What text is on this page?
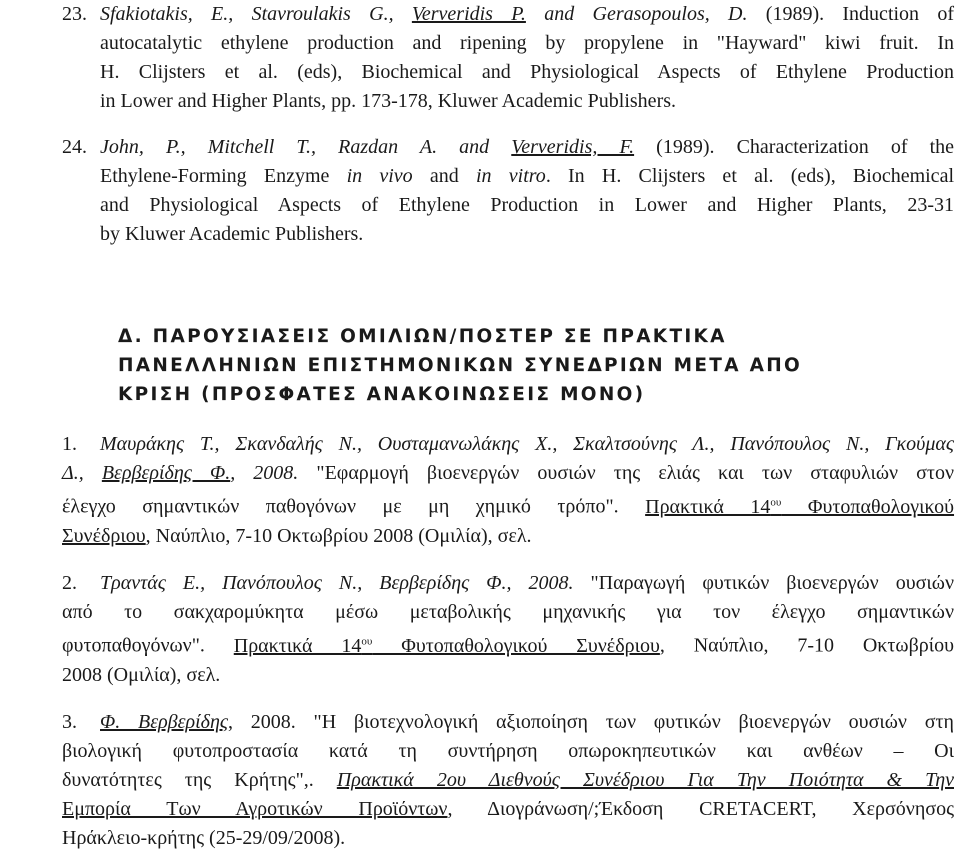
23. Sfakiotakis, E., Stavroulakis G., Ververidis P. and Gerasopoulos, D. (1989). Induction of
autocatalytic ethylene production and ripening by propylene in "Hayward" kiwi fruit. In
H. Clijsters et al. (eds), Biochemical and Physiological Aspects of Ethylene Production
in Lower and Higher Plants, pp. 173-178, Kluwer Academic Publishers.
24. John, P., Mitchell T., Razdan A. and Ververidis, F. (1989). Characterization of the
Ethylene-Forming Enzyme in vivo and in vitro. In H. Clijsters et al. (eds), Biochemical
and Physiological Aspects of Ethylene Production in Lower and Higher Plants, 23-31
by Kluwer Academic Publishers.
Δ. ΠΑΡΟΥΣΙΑΣΕΙΣ ΟΜΙΛΙΩΝ/ΠΟΣΤΕΡ ΣΕ ΠΡΑΚΤΙΚΑ
ΠΑΝΕΛΛΗΝΙΩΝ ΕΠΙΣΤΗΜΟΝΙΚΩΝ ΣΥΝΕΔΡΙΩΝ ΜΕΤΑ ΑΠΟ
ΚΡΙΣΗ (ΠΡΟΣΦΑΤΕΣ ΑΝΑΚΟΙΝΩΣΕΙΣ ΜΟΝΟ)
1. Μαυράκης Τ., Σκανδαλής Ν., Ουσταμανωλάκης Χ., Σκαλτσούνης Λ., Πανόπουλος Ν., Γκούμας
Δ., Βερβερίδης Φ., 2008. "Εφαρμογή βιοενεργών ουσιών της ελιάς και των σταφυλιών στον
έλεγχο σημαντικών παθογόνων με μη χημικό τρόπο". Πρακτικά $14^{o\upsilon}$ Φυτοπαθολογικού
Συνέδριου, Ναύπλιο, 7-10 Οκτωβρίου 2008 (Ομιλία), σελ.
2. Τραντάς Ε., Πανόπουλος Ν., Βερβερίδης Φ., 2008. "Παραγωγή φυτικών βιοενεργών ουσιών
από το σακχαρομύκητα μέσω μεταβολικής μηχανικής για τον έλεγχο σημαντικών
φυτοπαθογόνων". Πρακτικά $14^{o\upsilon}$ Φυτοπαθολογικού Συνέδριου, Ναύπλιο, 7-10 Οκτωβρίου
2008 (Ομιλία), σελ.
3. Φ. Βερβερίδης, 2008. "Η βιοτεχνολογική αξιοποίηση των φυτικών βιοενεργών ουσιών στη
βιολογική φυτοπροστασία κατά τη συντήρηση οπωροκηπευτικών και ανθέων – Οι
δυνατότητες της Κρήτης",. Πρακτικά 2ου Διεθνούς Συνέδριου Για Την Ποιότητα & Την
Εμπορία Των Αγροτικών Προϊόντων, Διογράνωση/;Έκδοση CRETACERT, Χερσόνησος
Ηράκλειο-κρήτης (25-29/09/2008).
